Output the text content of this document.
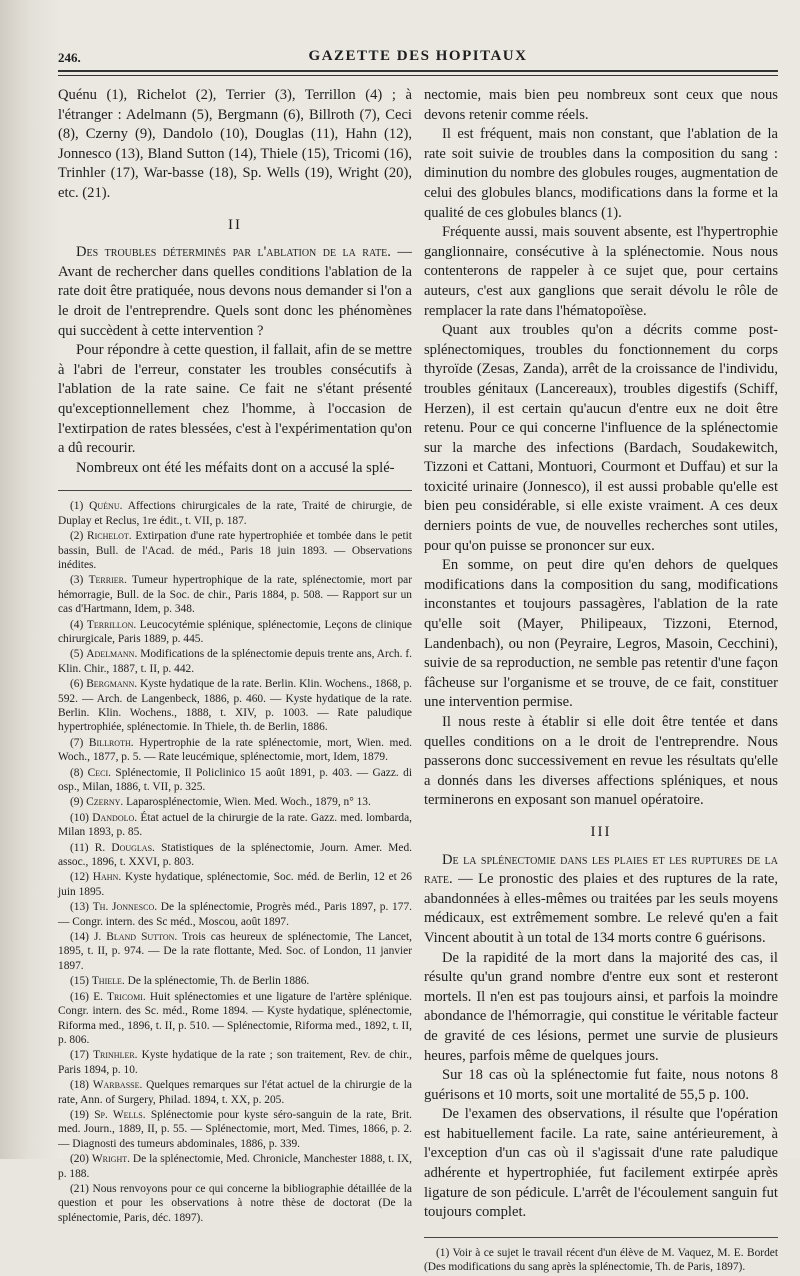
246.	GAZETTE DES HOPITAUX

Quénu (1), Richelot (2), Terrier (3), Terrillon (4) ; à l'étranger : Adelmann (5), Bergmann (6), Billroth (7), Ceci (8), Czerny (9), Dandolo (10), Douglas (11), Hahn (12), Jonnesco (13), Bland Sutton (14), Thiele (15), Tricomi (16), Trinhler (17), War-basse (18), Sp. Wells (19), Wright (20), etc. (21).

II

Des troubles déterminés par l'ablation de la rate. — Avant de rechercher dans quelles conditions l'ablation de la rate doit être pratiquée, nous devons nous demander si l'on a le droit de l'entreprendre. Quels sont donc les phénomènes qui succèdent à cette intervention ?

Pour répondre à cette question, il fallait, afin de se mettre à l'abri de l'erreur, constater les troubles consécutifs à l'ablation de la rate saine. Ce fait ne s'étant présenté qu'exceptionnellement chez l'homme, à l'occasion de l'extirpation de rates blessées, c'est à l'expérimentation qu'on a dû recourir.

Nombreux ont été les méfaits dont on a accusé la splé-

(1) Quénu. Affections chirurgicales de la rate, Traité de chirurgie, de Duplay et Reclus, 1re édit., t. VII, p. 187.

(2) Richelot. Extirpation d'une rate hypertrophiée et tombée dans le petit bassin, Bull. de l'Acad. de méd., Paris 18 juin 1893. — Observations inédites.

(3) Terrier. Tumeur hypertrophique de la rate, splénectomie, mort par hémorragie, Bull. de la Soc. de chir., Paris 1884, p. 508. — Rapport sur un cas d'Hartmann, Idem, p. 348.

(4) Terrillon. Leucocytémie splénique, splénectomie, Leçons de clinique chirurgicale, Paris 1889, p. 445.

(5) Adelmann. Modifications de la splénectomie depuis trente ans, Arch. f. Klin. Chir., 1887, t. II, p. 442.

(6) Bergmann. Kyste hydatique de la rate. Berlin. Klin. Wochens., 1868, p. 592. — Arch. de Langenbeck, 1886, p. 460. — Kyste hydatique de la rate. Berlin. Klin. Wochens., 1888, t. XIV, p. 1003. — Rate paludique hypertrophiée, splénectomie. In Thiele, th. de Berlin, 1886.

(7) Billroth. Hypertrophie de la rate splénectomie, mort, Wien. med. Woch., 1877, p. 5. — Rate leucémique, splénectomie, mort, Idem, 1879.

(8) Ceci. Splénectomie, Il Policlinico 15 août 1891, p. 403. — Gazz. di osp., Milan, 1886, t. VII, p. 325.

(9) Czerny. Laparosplénectomie, Wien. Med. Woch., 1879, n° 13.

(10) Dandolo. État actuel de la chirurgie de la rate. Gazz. med. lombarda, Milan 1893, p. 85.

(11) R. Douglas. Statistiques de la splénectomie, Journ. Amer. Med. assoc., 1896, t. XXVI, p. 803.

(12) Hahn. Kyste hydatique, splénectomie, Soc. méd. de Berlin, 12 et 26 juin 1895.

(13) Th. Jonnesco. De la splénectomie, Progrès méd., Paris 1897, p. 177. — Congr. intern. des Sc méd., Moscou, août 1897.

(14) J. Bland Sutton. Trois cas heureux de splénectomie, The Lancet, 1895, t. II, p. 974. — De la rate flottante, Med. Soc. of London, 11 janvier 1897.

(15) Thiele. De la splénectomie, Th. de Berlin 1886.

(16) E. Tricomi. Huit splénectomies et une ligature de l'artère splénique. Congr. intern. des Sc. méd., Rome 1894. — Kyste hydatique, splénectomie, Riforma med., 1896, t. II, p. 510. — Splénectomie, Riforma med., 1892, t. II, p. 806.

(17) Trinhler. Kyste hydatique de la rate ; son traitement, Rev. de chir., Paris 1894, p. 10.

(18) Warbasse. Quelques remarques sur l'état actuel de la chirurgie de la rate, Ann. of Surgery, Philad. 1894, t. XX, p. 205.

(19) Sp. Wells. Splénectomie pour kyste séro-sanguin de la rate, Brit. med. Journ., 1889, II, p. 55. — Splénectomie, mort, Med. Times, 1866, p. 2. — Diagnosti des tumeurs abdominales, 1886, p. 339.

(20) Wright. De la splénectomie, Med. Chronicle, Manchester 1888, t. IX, p. 188.

(21) Nous renvoyons pour ce qui concerne la bibliographie détaillée de la question et pour les observations à notre thèse de doctorat (De la splénectomie, Paris, déc. 1897).

nectomie, mais bien peu nombreux sont ceux que nous devons retenir comme réels.

Il est fréquent, mais non constant, que l'ablation de la rate soit suivie de troubles dans la composition du sang : diminution du nombre des globules rouges, augmentation de celui des globules blancs, modifications dans la forme et la qualité de ces globules blancs (1).

Fréquente aussi, mais souvent absente, est l'hypertrophie ganglionnaire, consécutive à la splénectomie. Nous nous contenterons de rappeler à ce sujet que, pour certains auteurs, c'est aux ganglions que serait dévolu le rôle de remplacer la rate dans l'hématopoïèse.

Quant aux troubles qu'on a décrits comme post-splénectomiques, troubles du fonctionnement du corps thyroïde (Zesas, Zanda), arrêt de la croissance de l'individu, troubles génitaux (Lancereaux), troubles digestifs (Schiff, Herzen), il est certain qu'aucun d'entre eux ne doit être retenu. Pour ce qui concerne l'influence de la splénectomie sur la marche des infections (Bardach, Soudakewitch, Tizzoni et Cattani, Montuori, Courmont et Duffau) et sur la toxicité urinaire (Jonnesco), il est aussi probable qu'elle est bien peu considérable, si elle existe vraiment. A ces deux derniers points de vue, de nouvelles recherches sont utiles, pour qu'on puisse se prononcer sur eux.

En somme, on peut dire qu'en dehors de quelques modifications dans la composition du sang, modifications inconstantes et toujours passagères, l'ablation de la rate qu'elle soit (Mayer, Philipeaux, Tizzoni, Eternod, Landenbach), ou non (Peyraire, Legros, Masoin, Cecchini), suivie de sa reproduction, ne semble pas retentir d'une façon fâcheuse sur l'organisme et se trouve, de ce fait, constituer une intervention permise.

Il nous reste à établir si elle doit être tentée et dans quelles conditions on a le droit de l'entreprendre. Nous passerons donc successivement en revue les résultats qu'elle a donnés dans les diverses affections spléniques, et nous terminerons en exposant son manuel opératoire.

III

De la splénectomie dans les plaies et les ruptures de la rate. — Le pronostic des plaies et des ruptures de la rate, abandonnées à elles-mêmes ou traitées par les seuls moyens médicaux, est extrêmement sombre. Le relevé qu'en a fait Vincent aboutit à un total de 134 morts contre 6 guérisons.

De la rapidité de la mort dans la majorité des cas, il résulte qu'un grand nombre d'entre eux sont et resteront mortels. Il n'en est pas toujours ainsi, et parfois la moindre abondance de l'hémorragie, qui constitue le véritable facteur de gravité de ces lésions, permet une survie de plusieurs heures, parfois même de quelques jours.

Sur 18 cas où la splénectomie fut faite, nous notons 8 guérisons et 10 morts, soit une mortalité de 55,5 p. 100.

De l'examen des observations, il résulte que l'opération est habituellement facile. La rate, saine antérieurement, à l'exception d'un cas où il s'agissait d'une rate paludique adhérente et hypertrophiée, fut facilement extirpée après ligature de son pédicule. L'arrêt de l'écoulement sanguin fut toujours complet.

(1) Voir à ce sujet le travail récent d'un élève de M. Vaquez, M. E. Bordet (Des modifications du sang après la splénectomie, Th. de Paris, 1897).
